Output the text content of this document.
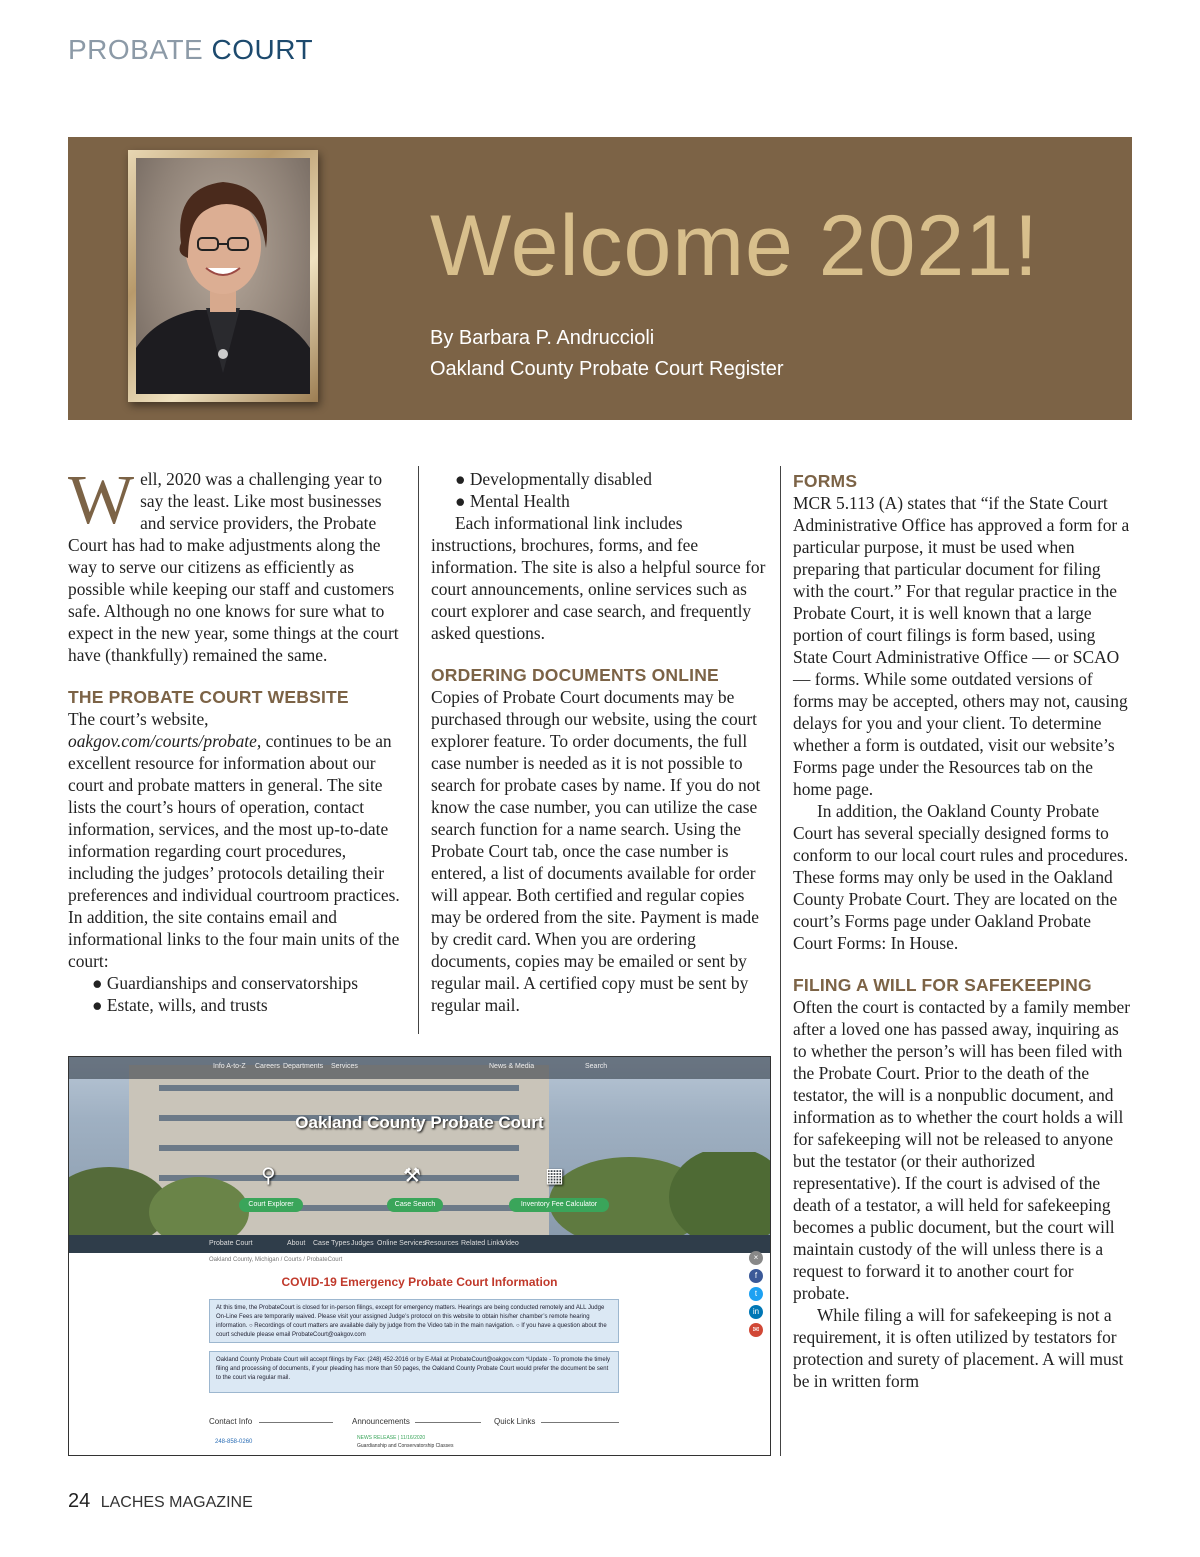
PROBATE COURT
Welcome 2021!
By Barbara P. Andruccioli
Oakland County Probate Court Register

Well, 2020 was a challenging year to say the least. Like most businesses and service providers, the Probate Court has had to make adjustments along the way to serve our citizens as efficiently as possible while keeping our staff and customers safe. Although no one knows for sure what to expect in the new year, some things at the court have (thankfully) remained the same.

THE PROBATE COURT WEBSITE

The court’s website, oakgov.com/courts/probate, continues to be an excellent resource for information about our court and probate matters in general. The site lists the court’s hours of operation, contact information, services, and the most up-to-date information regarding court procedures, including the judges’ protocols detailing their preferences and individual courtroom practices. In addition, the site contains email and informational links to the four main units of the court:

● Guardianships and conservatorships

● Estate, wills, and trusts

● Developmentally disabled

● Mental Health

Each informational link includes instructions, brochures, forms, and fee information. The site is also a helpful source for court announcements, online services such as court explorer and case search, and frequently asked questions.

ORDERING DOCUMENTS ONLINE

Copies of Probate Court documents may be purchased through our website, using the court explorer feature. To order documents, the full case number is needed as it is not possible to search for probate cases by name. If you do not know the case number, you can utilize the case search function for a name search. Using the Probate Court tab, once the case number is entered, a list of documents available for order will appear. Both certified and regular copies may be ordered from the site. Payment is made by credit card. When you are ordering documents, copies may be emailed or sent by regular mail. A certified copy must be sent by regular mail.

FORMS

MCR 5.113 (A) states that “if the State Court Administrative Office has approved a form for a particular purpose, it must be used when preparing that particular document for filing with the court.” For that regular practice in the Probate Court, it is well known that a large portion of court filings is form based, using State Court Administrative Office — or SCAO — forms. While some outdated versions of forms may be accepted, others may not, causing delays for you and your client. To determine whether a form is outdated, visit our website’s Forms page under the Resources tab on the home page.

In addition, the Oakland County Probate Court has several specially designed forms to conform to our local court rules and procedures. These forms may only be used in the Oakland County Probate Court. They are located on the court’s Forms page under Oakland Probate Court Forms: In House.

FILING A WILL FOR SAFEKEEPING

Often the court is contacted by a family member after a loved one has passed away, inquiring as to whether the person’s will has been filed with the Probate Court. Prior to the death of the testator, the will is a nonpublic document, and information as to whether the court holds a will for safekeeping will not be released to anyone but the testator (or their authorized representative). If the court is advised of the death of a testator, a will held for safekeeping becomes a public document, but the court will maintain custody of the will unless there is a request to forward it to another court for probate.

While filing a will for safekeeping is not a requirement, it is often utilized by testators for protection and surety of placement. A will must be in written form

Info A-to-Z Careers Departments Services	News & Media	Search
Oakland County Probate Court
⚲	⚒	▦
Court Explorer	Case Search	Inventory Fee Calculator
Probate Court	About Case Types Judges Online Services
Resources Related Links
Video
Oakland County, Michigan / Courts / ProbateCourt
COVID-19 Emergency Probate Court Information
At this time, the ProbateCourt is closed for in-person filings, except for emergency matters. Hearings are being conducted remotely and ALL Judge On-Line Fees are temporarily waived. Please visit your assigned Judge’s protocol on this website to obtain his/her chamber’s remote hearing information. ○ Recordings of court matters are available daily by judge from the Video tab in the main navigation. ○ If you have a question about the court schedule please email ProbateCourt@oakgov.com
Oakland County Probate Court will accept filings by Fax: (248) 452-2016 or by E-Mail at ProbateCourt@oakgov.com *Update - To promote the timely filing and processing of documents, if your pleading has more than 50 pages, the Oakland County Probate Court would prefer the document be sent to the court via regular mail.
×
f
t
in
✉
Contact Info	Announcements	Quick Links
248-858-0260
NEWS RELEASE | 11/16/2020
Guardianship and Conservatorship Classes
24 LACHES MAGAZINE
